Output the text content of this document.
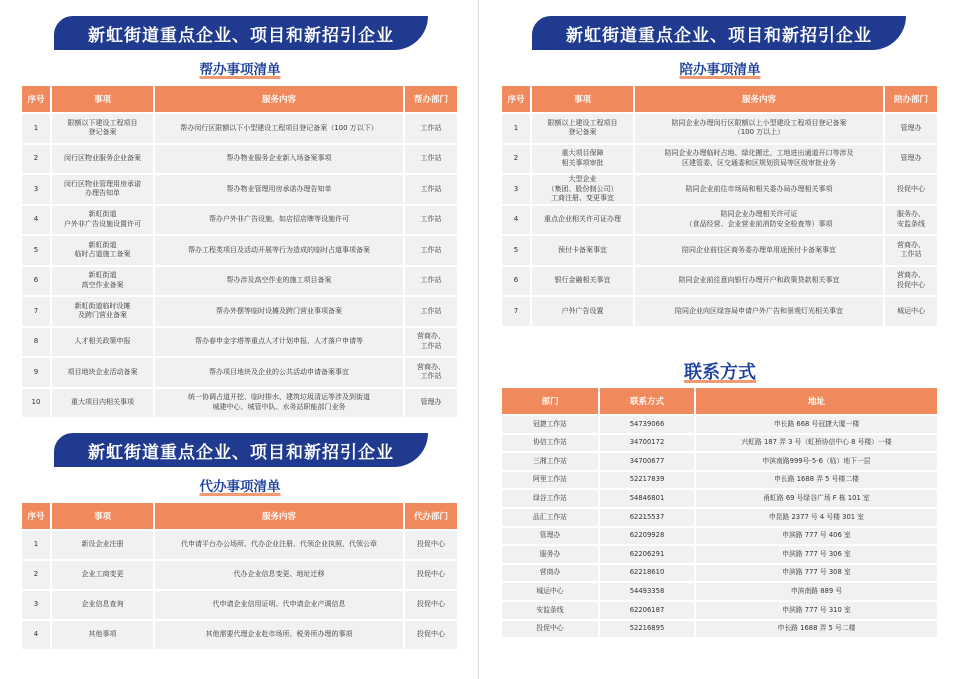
新虹街道重点企业、项目和新招引企业
帮办事项清单
序号	事项	服务内容	帮办部门
1	限额以下建设工程项目
登记备案	帮办闵行区限额以下小型建设工程项目登记备案（100 万以下）	工作站
2	闵行区物业服务企业备案	帮办物业服务企业新入场备案事项	工作站
3	闵行区物业管理用房承诺
办理告知单	帮办物业管理用房承诺办理告知单	工作站
4	新虹街道
户外非广告设施设置许可	帮办户外非广告设施，如店招店牌等设施许可	工作站
5	新虹街道
临时占道施工备案	帮办工程类项目及活动开展等行为造成的临时占道事项备案	工作站
6	新虹街道
高空作业备案	帮办涉及高空作业的施工项目备案	工作站
7	新虹街道临时设摊
及跨门营业备案	帮办外摆等临时设摊及跨门营业事项备案	工作站
8	人才相关政策申报	帮办春申金字塔等重点人才计划申报、人才落户申请等	营商办、
工作站
9	项目地块企业活动备案	帮办项目地块及企业的公共活动申请备案事宜	营商办、
工作站
10	重大项目内相关事项	统一协调占道开挖、临时排水、建筑垃圾清运等涉及到街道
城建中心、城管中队、水务站职能部门业务	管理办
新虹街道重点企业、项目和新招引企业
代办事项清单
序号	事项	服务内容	代办部门
1	新设企业注册	代申请平台办公场所、代办企业注册、代领企业执照、代领公章	投促中心
2	企业工商变更	代办企业信息变更、地址迁移	投促中心
3	企业信息查询	代申请企业信用证明、代申请企业产调信息	投促中心
4	其他事项	其他需要代理企业赴市场所、税务所办理的事项	投促中心
新虹街道重点企业、项目和新招引企业
陪办事项清单
序号	事项	服务内容	陪办部门
1	限额以上建设工程项目
登记备案	陪同企业办理闵行区限额以上小型建设工程项目登记备案
（100 万以上）	管理办
2	重大项目保障
相关事项审批	陪同企业办理临时占地、绿化搬迁、工地进出通道开口等涉及
区建管委、区交通委和区规划资局等区级审批业务	管理办
3	大型企业
（集团、股份制公司）
工商注册、变更事宜	陪同企业前往市场局和相关委办局办理相关事项	投促中心
4	重点企业相关许可证办理	陪同企业办理相关许可证
（食品经营、企业营业前消防安全检查等）事项	服务办、
安监条线
5	预付卡备案事宜	陪同企业前往区商务委办理单用途预付卡备案事宜	营商办、
工作站
6	银行金融相关事宜	陪同企业前往意向银行办理开户和政策贷款相关事宜	营商办、
投促中心
7	户外广告设置	陪同企业向区绿容局申请户外广告和景观灯光相关事宜	城运中心
联系方式
部门	联系方式	地址
冠捷工作站	54739066	申长路 668 号冠捷大厦一楼
协信工作站	34700172	兴虹路 187 弄 3 号（虹桥协信中心 8 号楼）一楼
三湘工作站	34700677	申滨南路999号-5-6（临）地下一层
阿里工作站	52217839	申长路 1688 弄 5 号楼二楼
绿谷工作站	54846801	甬虹路 69 号绿谷广场 F 栋 101 室
品汇工作站	62215537	申昆路 2377 号 4 号楼 301 室
管理办	62209928	申滨路 777 号 406 室
服务办	62206291	申滨路 777 号 306 室
营商办	62218610	申滨路 777 号 308 室
城运中心	54493358	申滨南路 889 号
安监条线	62206187	申滨路 777 号 310 室
投促中心	52216895	申长路 1688 弄 5 号二楼
